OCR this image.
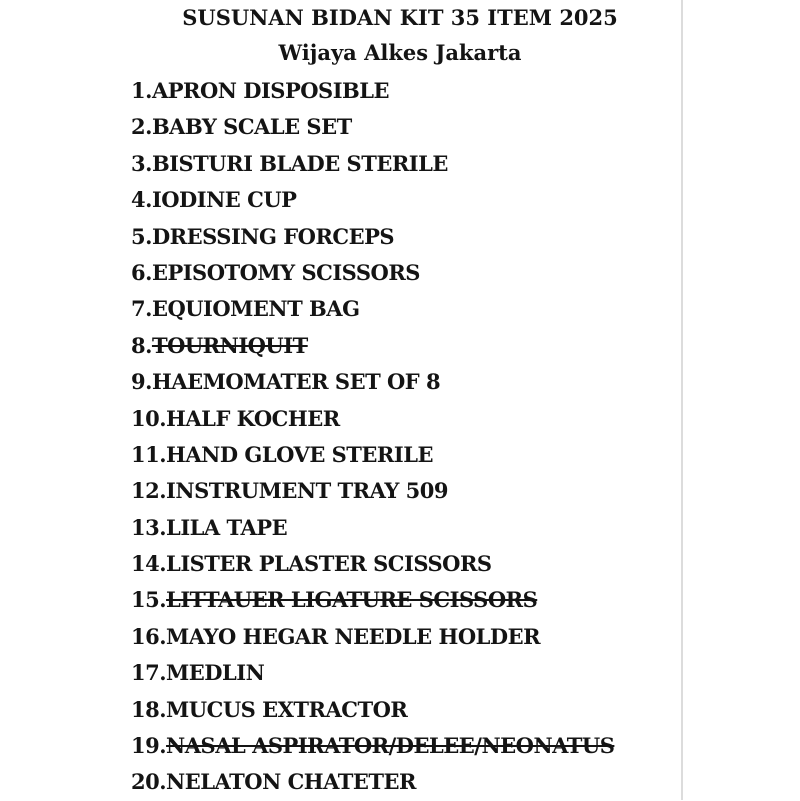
SUSUNAN BIDAN KIT 35 ITEM 2025
Wijaya Alkes Jakarta
1.APRON DISPOSIBLE
2.BABY SCALE SET
3.BISTURI BLADE STERILE
4.IODINE CUP
5.DRESSING FORCEPS
6.EPISOTOMY SCISSORS
7.EQUIOMENT BAG
8.TOURNIQUIT
9.HAEMOMATER SET OF 8
10.HALF KOCHER
11.HAND GLOVE STERILE
12.INSTRUMENT TRAY 509
13.LILA TAPE
14.LISTER PLASTER SCISSORS
15.LITTAUER LIGATURE SCISSORS
16.MAYO HEGAR NEEDLE HOLDER
17.MEDLIN
18.MUCUS EXTRACTOR
19.NASAL ASPIRATOR/DELEE/NEONATUS
20.NELATON CHATETER
